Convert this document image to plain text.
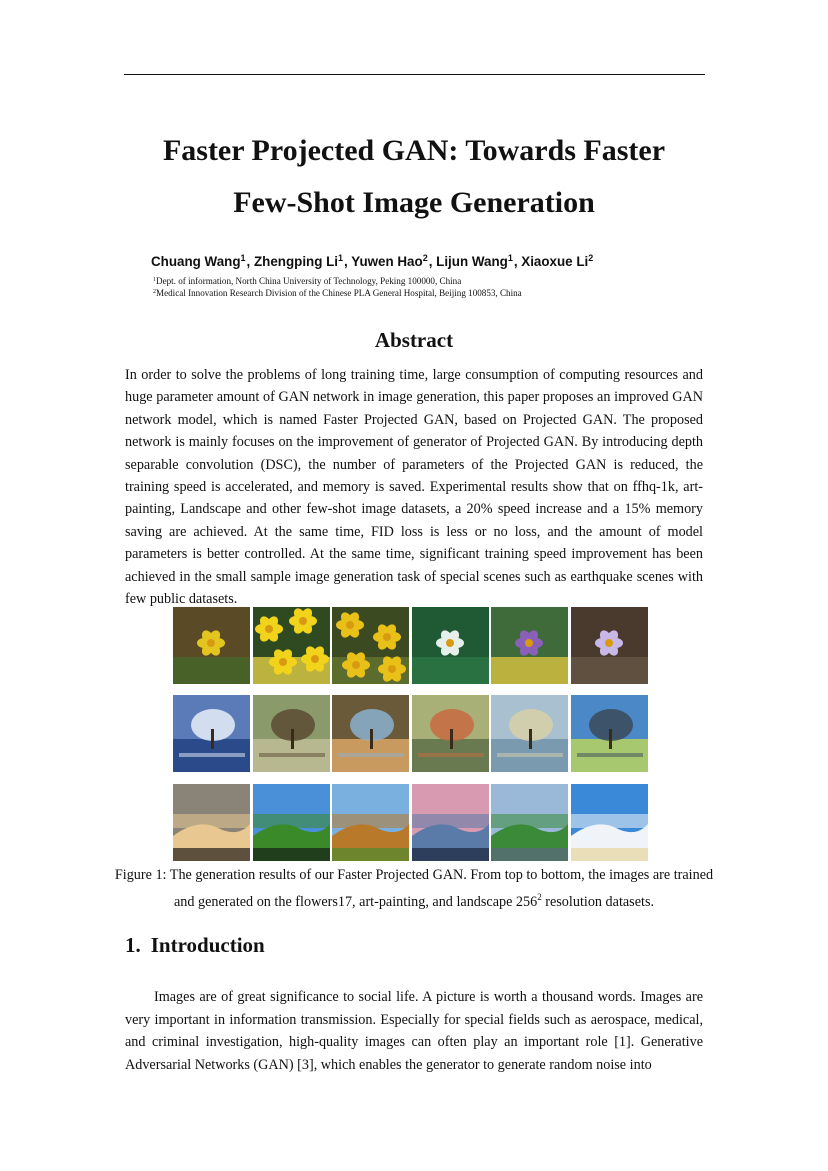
Faster Projected GAN: Towards Faster
Few-Shot Image Generation
Chuang Wang$^1$, Zhengping Li$^1$, Yuwen Hao$^2$, Lijun Wang$^1$, Xiaoxue Li$^2$
$^1$Dept. of information, North China University of Technology, Peking 100000, China
$^2$Medical Innovation Research Division of the Chinese PLA General Hospital, Beijing 100853, China
Abstract
In order to solve the problems of long training time, large consumption of computing resources and huge parameter amount of GAN network in image generation, this paper proposes an improved GAN network model, which is named Faster Projected GAN, based on Projected GAN. The proposed network is mainly focuses on the improvement of generator of Projected GAN. By introducing depth separable convolution (DSC), the number of parameters of the Projected GAN is reduced, the training speed is accelerated, and memory is saved. Experimental results show that on ffhq-1k, art-painting, Landscape and other few-shot image datasets, a 20% speed increase and a 15% memory saving are achieved. At the same time, FID loss is less or no loss, and the amount of model parameters is better controlled. At the same time, significant training speed improvement has been achieved in the small sample image generation task of special scenes such as earthquake scenes with few public datasets.
Figure 1: The generation results of our Faster Projected GAN. From top to bottom, the images are trained and generated on the flowers17, art-painting, and landscape $256^2$ resolution datasets.
1. Introduction
Images are of great significance to social life. A picture is worth a thousand words. Images are very important in information transmission. Especially for special fields such as aerospace, medical, and criminal investigation, high-quality images can often play an important role [1]. Generative Adversarial Networks (GAN) [3], which enables the generator to generate random noise into
